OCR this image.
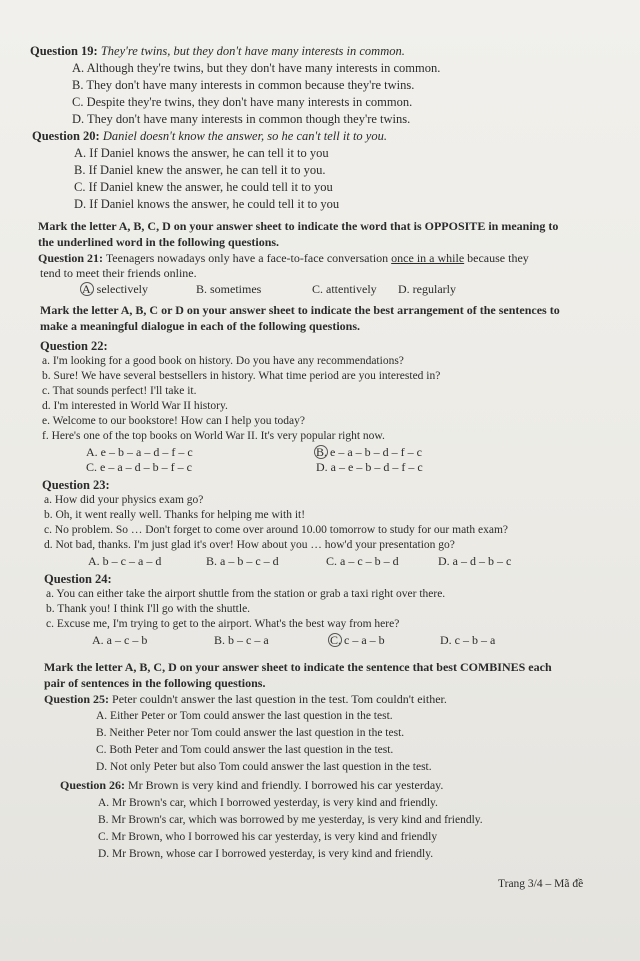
Question 19: They're twins, but they don't have many interests in common.
A. Although they're twins, but they don't have many interests in common.
B. They don't have many interests in common because they're twins.
C. Despite they're twins, they don't have many interests in common.
D. They don't have many interests in common though they're twins.
Question 20: Daniel doesn't know the answer, so he can't tell it to you.
A. If Daniel knows the answer, he can tell it to you
B. If Daniel knew the answer, he can tell it to you.
C. If Daniel knew the answer, he could tell it to you
D. If Daniel knows the answer, he could tell it to you
Mark the letter A, B, C, D on your answer sheet to indicate the word that is OPPOSITE in meaning to
the underlined word in the following questions.
Question 21: Teenagers nowadays only have a face-to-face conversation once in a while because they
tend to meet their friends online.
A. selectively	B. sometimes	C. attentively D. regularly
Mark the letter A, B, C or D on your answer sheet to indicate the best arrangement of the sentences to
make a meaningful dialogue in each of the following questions.
Question 22:
a. I'm looking for a good book on history. Do you have any recommendations?
b. Sure! We have several bestsellers in history. What time period are you interested in?
c. That sounds perfect! I'll take it.
d. I'm interested in World War II history.
e. Welcome to our bookstore! How can I help you today?
f. Here's one of the top books on World War II. It's very popular right now.
A. e – b – a – d – f – c	B. e – a – b – d – f – c
C. e – a – d – b – f – c	D. a – e – b – d – f – c
Question 23:
a. How did your physics exam go?
b. Oh, it went really well. Thanks for helping me with it!
c. No problem. So … Don't forget to come over around 10.00 tomorrow to study for our math exam?
d. Not bad, thanks. I'm just glad it's over! How about you … how'd your presentation go?
A. b – c – a – d	B. a – b – c – d	C. a – c – b – d	D. a – d – b – c
Question 24:
a. You can either take the airport shuttle from the station or grab a taxi right over there.
b. Thank you! I think I'll go with the shuttle.
c. Excuse me, I'm trying to get to the airport. What's the best way from here?
A. a – c – b	B. b – c – a	C. c – a – b	D. c – b – a
Mark the letter A, B, C, D on your answer sheet to indicate the sentence that best COMBINES each
pair of sentences in the following questions.
Question 25: Peter couldn't answer the last question in the test. Tom couldn't either.
A. Either Peter or Tom could answer the last question in the test.
B. Neither Peter nor Tom could answer the last question in the test.
C. Both Peter and Tom could answer the last question in the test.
D. Not only Peter but also Tom could answer the last question in the test.
Question 26: Mr Brown is very kind and friendly. I borrowed his car yesterday.
A. Mr Brown's car, which I borrowed yesterday, is very kind and friendly.
B. Mr Brown's car, which was borrowed by me yesterday, is very kind and friendly.
C. Mr Brown, who I borrowed his car yesterday, is very kind and friendly
D. Mr Brown, whose car I borrowed yesterday, is very kind and friendly.
Trang 3/4 – Mã đề
